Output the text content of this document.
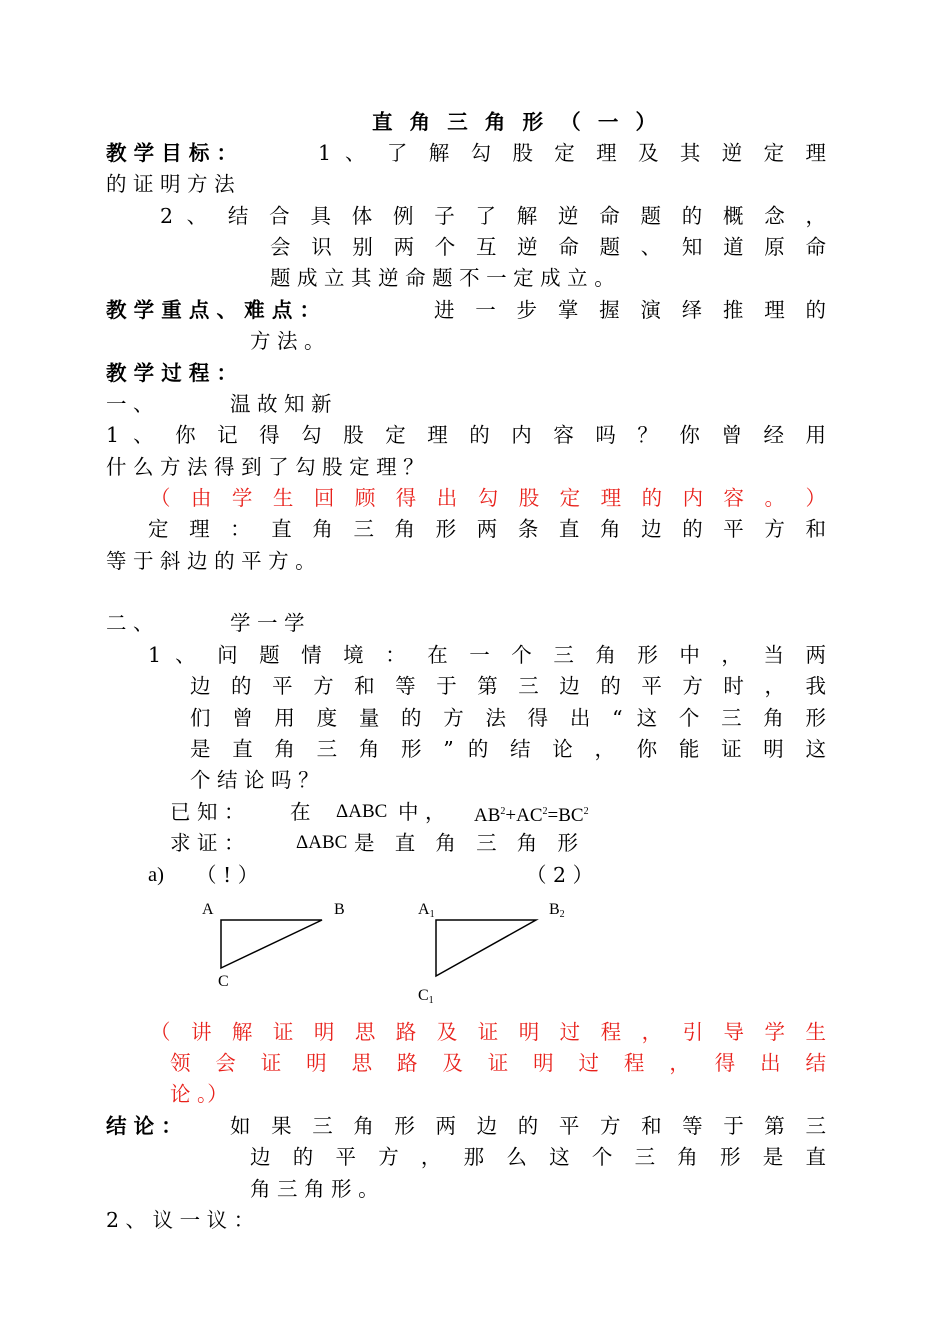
直 角 三 角 形 （ 一 ）
教 学 目 标 ：	1 、 了 解 勾 股 定 理 及 其 逆 定 理
的 证 明 方 法
2 、 结 合 具 体 例 子 了 解 逆 命 题 的 概 念 ，
会 识 别 两 个 互 逆 命 题 、 知 道 原 命
题 成 立 其 逆 命 题 不 一 定 成 立 。
教 学 重 点 、 难 点 ：	进 一 步 掌 握 演 绎 推 理 的
方 法 。
教 学 过 程 ：
一 、	温 故 知 新
1 、 你 记 得 勾 股 定 理 的 内 容 吗 ？ 你 曾 经 用
什 么 方 法 得 到 了 勾 股 定 理 ？
（ 由 学 生 回 顾 得 出 勾 股 定 理 的 内 容 。 ）
定 理 ： 直 角 三 角 形 两 条 直 角 边 的 平 方 和
等 于 斜 边 的 平 方 。
二 、	学 一 学
1 、 问 题 情 境 ： 在 一 个 三 角 形 中 ， 当 两
边 的 平 方 和 等 于 第 三 边 的 平 方 时 ， 我
们 曾 用 度 量 的 方 法 得 出 “ 这 个 三 角 形
是 直 角 三 角 形 ” 的 结 论 ， 你 能 证 明 这
个 结 论 吗 ？
已 知 ： 在 ΔABC 中 ， $AB^2+AC^2=BC^2$
求 证 ：	ΔABC 是 直 角 三 角 形
a) （ ! ）	（ 2 ）
A	B
C
$A_1$	$B_2$
$C_1$
（ 讲 解 证 明 思 路 及 证 明 过 程 ， 引 导 学 生
领 会 证 明 思 路 及 证 明 过 程 ， 得 出 结
论 。）
结 论 ： 如 果 三 角 形 两 边 的 平 方 和 等 于 第 三
边 的 平 方 ， 那 么 这 个 三 角 形 是 直
角 三 角 形 。
2 、 议 一 议 ：
